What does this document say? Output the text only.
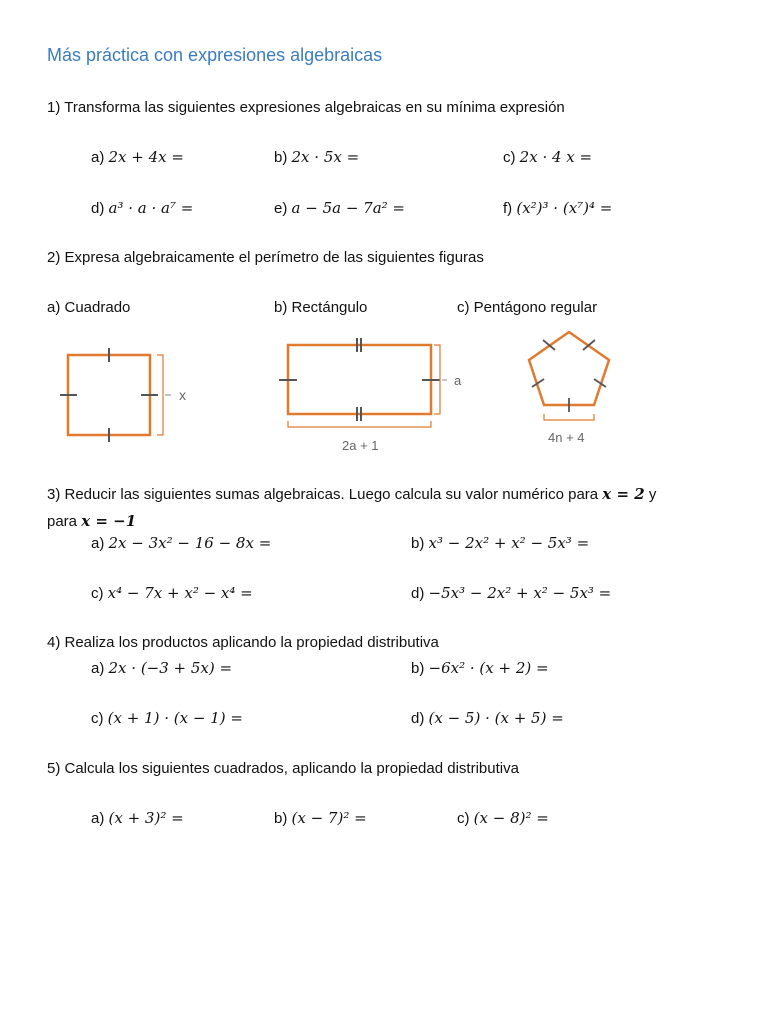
Más práctica con expresiones algebraicas
1) Transforma las siguientes expresiones algebraicas en su mínima expresión
a) 2x + 4x =	b) 2x · 5x =	c) 2x · 4 x =
d) a³ · a · a⁷ =	e) a − 5a − 7a² =	f) (x²)³ · (x⁷)⁴ =
2) Expresa algebraicamente el perímetro de las siguientes figuras
a) Cuadrado	b) Rectángulo	c) Pentágono regular
x
a
2a + 1
4n + 4
3) Reducir las siguientes sumas algebraicas. Luego calcula su valor numérico para x = 2 y
para x = −1
a) 2x − 3x² − 16 − 8x =	b) x³ − 2x² + x² − 5x³ =
c) x⁴ − 7x + x² − x⁴ =	d) −5x³ − 2x² + x² − 5x³ =
4) Realiza los productos aplicando la propiedad distributiva
a) 2x · (−3 + 5x) =	b) −6x² · (x + 2) =
c) (x + 1) · (x − 1) =	d) (x − 5) · (x + 5) =
5) Calcula los siguientes cuadrados, aplicando la propiedad distributiva
a) (x + 3)² =	b) (x − 7)² =	c) (x − 8)² =
